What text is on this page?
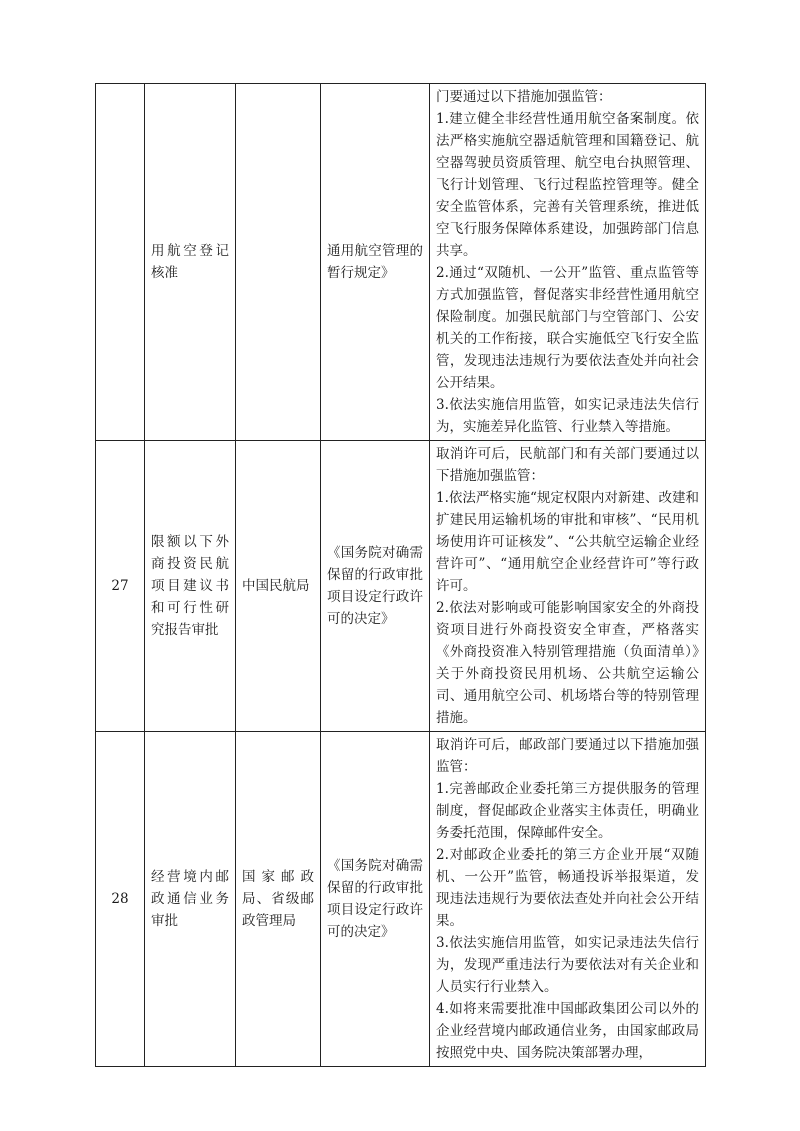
	用航空登记核准		通用航空管理的暂行规定》	门要通过以下措施加强监管：
1.建立健全非经营性通用航空备案制度。依法严格实施航空器适航管理和国籍登记、航空器驾驶员资质管理、航空电台执照管理、飞行计划管理、飞行过程监控管理等。健全安全监管体系，完善有关管理系统，推进低空飞行服务保障体系建设，加强跨部门信息共享。
2.通过“双随机、一公开”监管、重点监管等方式加强监管，督促落实非经营性通用航空保险制度。加强民航部门与空管部门、公安机关的工作衔接，联合实施低空飞行安全监管，发现违法违规行为要依法查处并向社会公开结果。
3.依法实施信用监管，如实记录违法失信行为，实施差异化监管、行业禁入等措施。

27	限额以下外商投资民航项目建议书和可行性研究报告审批	中国民航局	《国务院对确需保留的行政审批项目设定行政许可的决定》	取消许可后，民航部门和有关部门要通过以下措施加强监管：
1.依法严格实施“规定权限内对新建、改建和扩建民用运输机场的审批和审核”、“民用机场使用许可证核发”、“公共航空运输企业经营许可”、“通用航空企业经营许可”等行政许可。
2.依法对影响或可能影响国家安全的外商投资项目进行外商投资安全审查，严格落实《外商投资准入特别管理措施（负面清单）》关于外商投资民用机场、公共航空运输公司、通用航空公司、机场塔台等的特别管理措施。

28	经营境内邮政通信业务审批	国家邮政局、省级邮政管理局	《国务院对确需保留的行政审批项目设定行政许可的决定》	取消许可后，邮政部门要通过以下措施加强监管：
1.完善邮政企业委托第三方提供服务的管理制度，督促邮政企业落实主体责任，明确业务委托范围，保障邮件安全。
2.对邮政企业委托的第三方企业开展“双随机、一公开”监管，畅通投诉举报渠道，发现违法违规行为要依法查处并向社会公开结果。
3.依法实施信用监管，如实记录违法失信行为，发现严重违法行为要依法对有关企业和人员实行行业禁入。
4.如将来需要批准中国邮政集团公司以外的企业经营境内邮政通信业务，由国家邮政局按照党中央、国务院决策部署办理，
